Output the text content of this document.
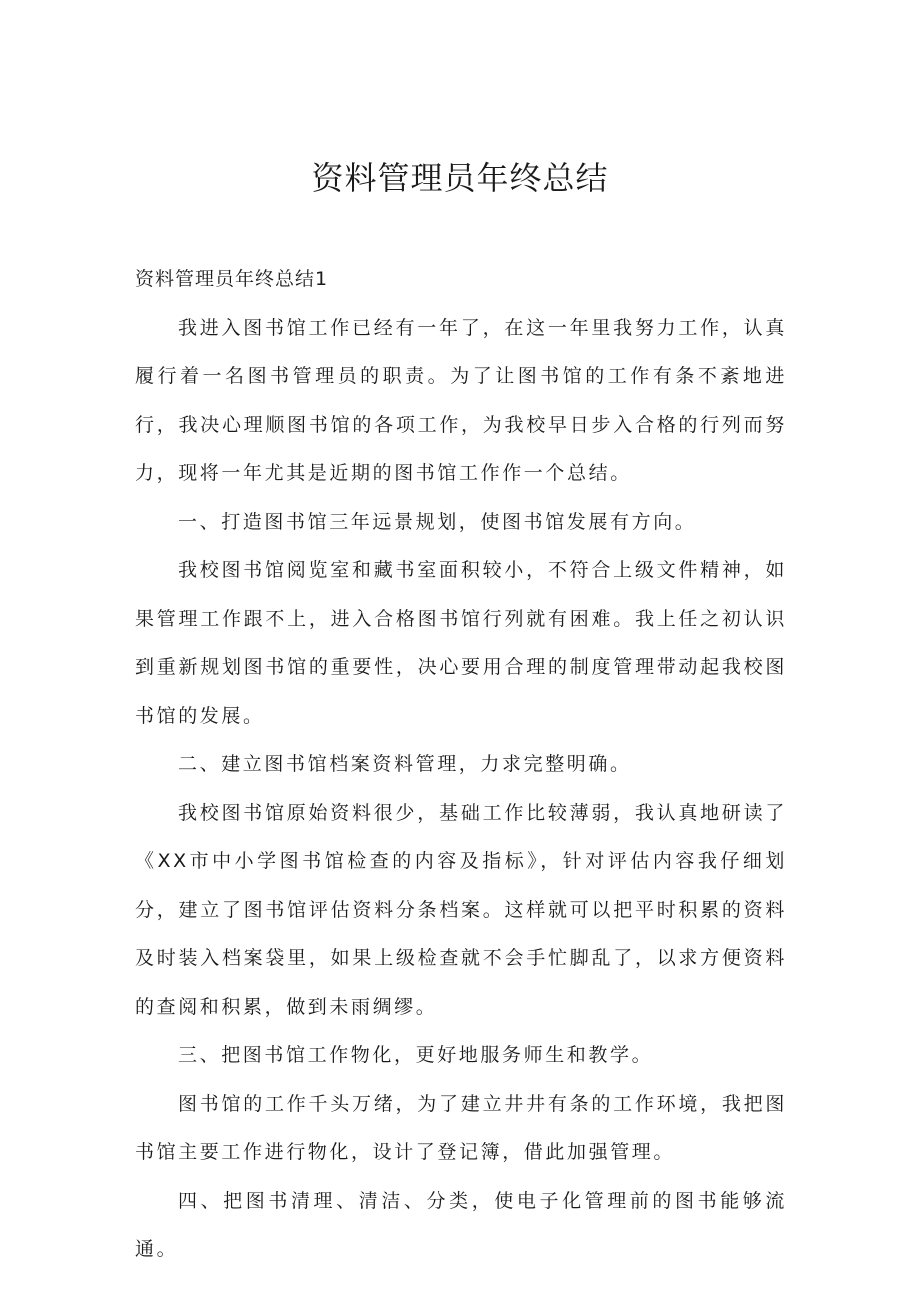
资料管理员年终总结

资料管理员年终总结1

我进入图书馆工作已经有一年了，在这一年里我努力工作，认真履行着一名图书管理员的职责。为了让图书馆的工作有条不紊地进行，我决心理顺图书馆的各项工作，为我校早日步入合格的行列而努力，现将一年尤其是近期的图书馆工作作一个总结。

一、打造图书馆三年远景规划，使图书馆发展有方向。

我校图书馆阅览室和藏书室面积较小，不符合上级文件精神，如果管理工作跟不上，进入合格图书馆行列就有困难。我上任之初认识到重新规划图书馆的重要性，决心要用合理的制度管理带动起我校图书馆的发展。

二、建立图书馆档案资料管理，力求完整明确。

我校图书馆原始资料很少，基础工作比较薄弱，我认真地研读了《XX市中小学图书馆检查的内容及指标》，针对评估内容我仔细划分，建立了图书馆评估资料分条档案。这样就可以把平时积累的资料及时装入档案袋里，如果上级检查就不会手忙脚乱了，以求方便资料的查阅和积累，做到未雨绸缪。

三、把图书馆工作物化，更好地服务师生和教学。

图书馆的工作千头万绪，为了建立井井有条的工作环境，我把图书馆主要工作进行物化，设计了登记簿，借此加强管理。

四、把图书清理、清洁、分类，使电子化管理前的图书能够流通。
